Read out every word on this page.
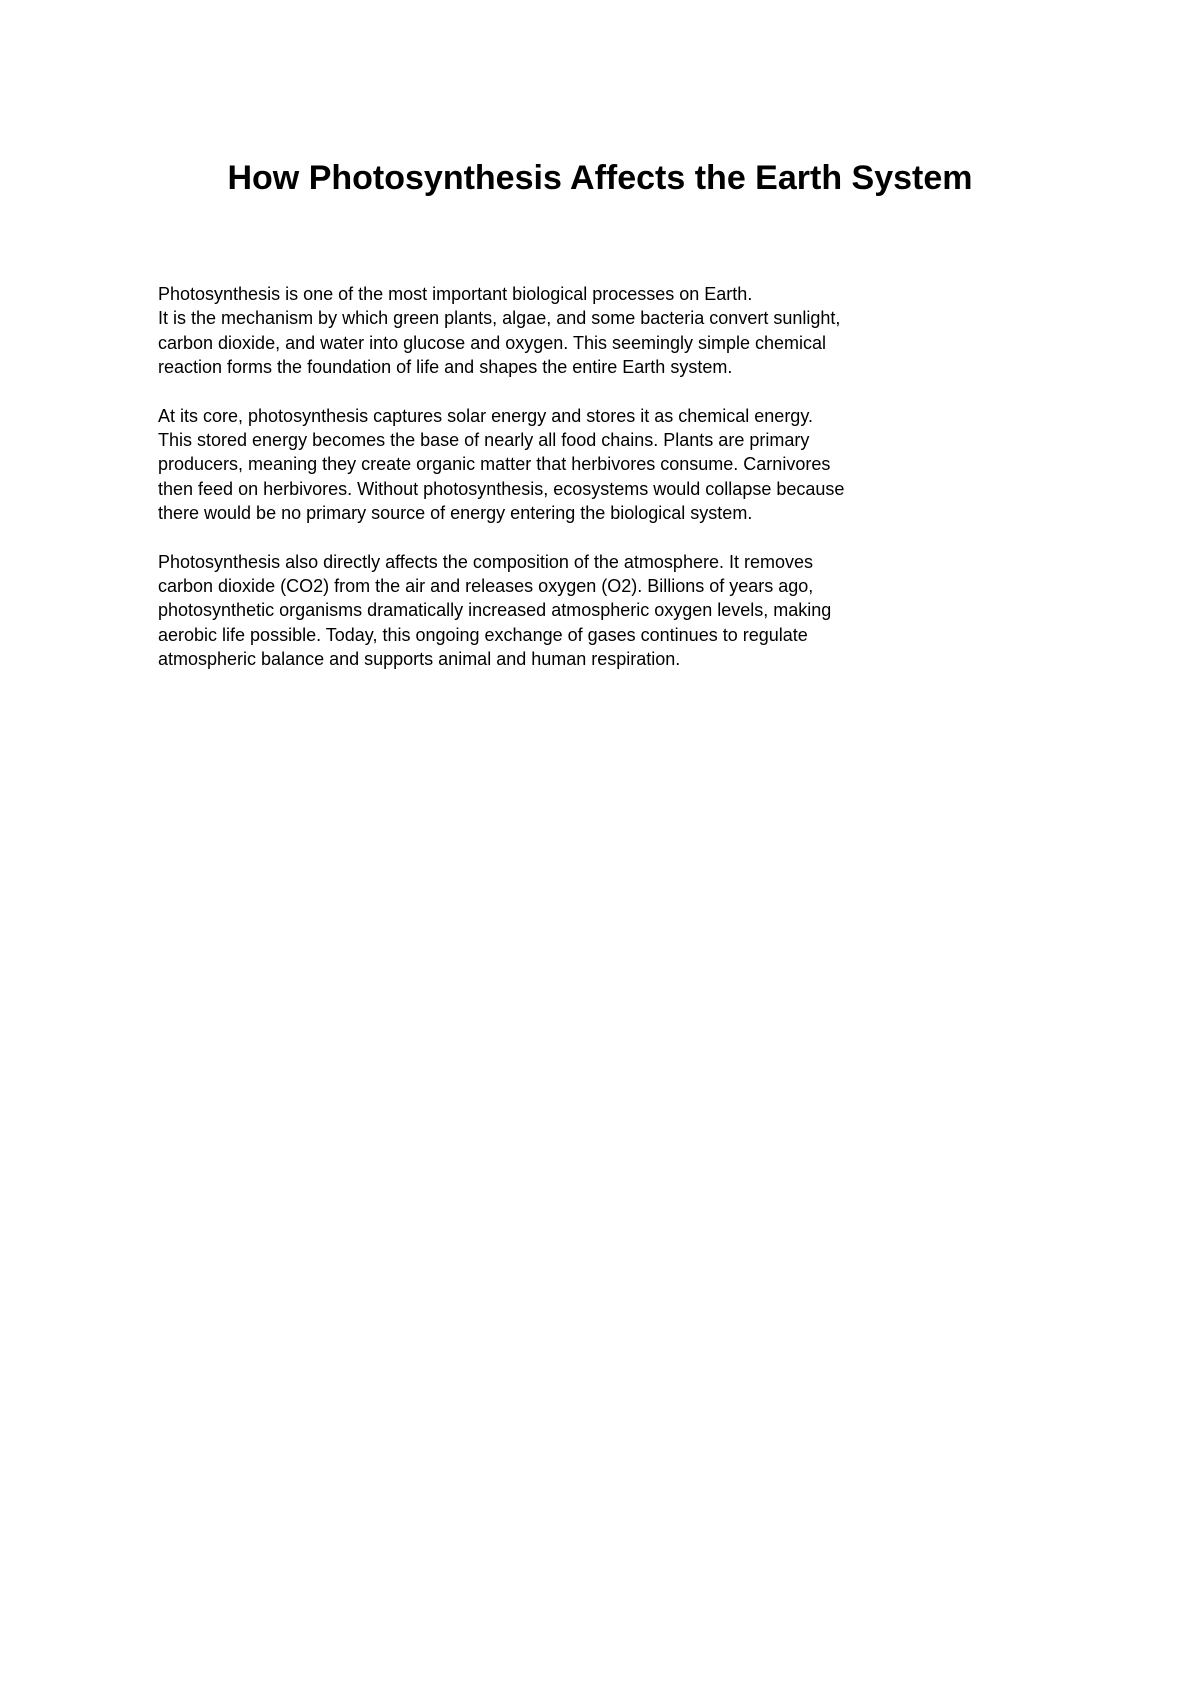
How Photosynthesis Affects the Earth System
Photosynthesis is one of the most important biological processes on Earth.
It is the mechanism by which green plants, algae, and some bacteria convert sunlight,
carbon dioxide, and water into glucose and oxygen. This seemingly simple chemical
reaction forms the foundation of life and shapes the entire Earth system.
At its core, photosynthesis captures solar energy and stores it as chemical energy.
This stored energy becomes the base of nearly all food chains. Plants are primary
producers, meaning they create organic matter that herbivores consume. Carnivores
then feed on herbivores. Without photosynthesis, ecosystems would collapse because
there would be no primary source of energy entering the biological system.
Photosynthesis also directly affects the composition of the atmosphere. It removes
carbon dioxide (CO2) from the air and releases oxygen (O2). Billions of years ago,
photosynthetic organisms dramatically increased atmospheric oxygen levels, making
aerobic life possible. Today, this ongoing exchange of gases continues to regulate
atmospheric balance and supports animal and human respiration.
